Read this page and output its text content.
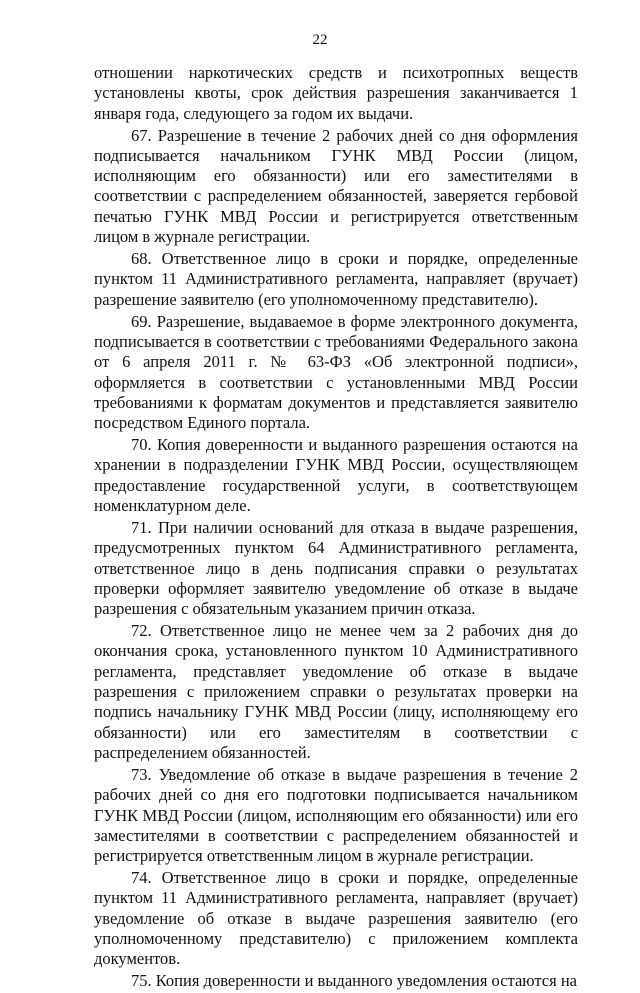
22

отношении наркотических средств и психотропных веществ установлены квоты, срок действия разрешения заканчивается 1 января года, следующего за годом их выдачи.

67. Разрешение в течение 2 рабочих дней со дня оформления подписывается начальником ГУНК МВД России (лицом, исполняющим его обязанности) или его заместителями в соответствии с распределением обязанностей, заверяется гербовой печатью ГУНК МВД России и регистрируется ответственным лицом в журнале регистрации.

68. Ответственное лицо в сроки и порядке, определенные пунктом 11 Административного регламента, направляет (вручает) разрешение заявителю (его уполномоченному представителю).

69. Разрешение, выдаваемое в форме электронного документа, подписывается в соответствии с требованиями Федерального закона от 6 апреля 2011 г. № 63-ФЗ «Об электронной подписи», оформляется в соответствии с установленными МВД России требованиями к форматам документов и представляется заявителю посредством Единого портала.

70. Копия доверенности и выданного разрешения остаются на хранении в подразделении ГУНК МВД России, осуществляющем предоставление государственной услуги, в соответствующем номенклатурном деле.

71. При наличии оснований для отказа в выдаче разрешения, предусмотренных пунктом 64 Административного регламента, ответственное лицо в день подписания справки о результатах проверки оформляет заявителю уведомление об отказе в выдаче разрешения с обязательным указанием причин отказа.

72. Ответственное лицо не менее чем за 2 рабочих дня до окончания срока, установленного пунктом 10 Административного регламента, представляет уведомление об отказе в выдаче разрешения с приложением справки о результатах проверки на подпись начальнику ГУНК МВД России (лицу, исполняющему его обязанности) или его заместителям в соответствии с распределением обязанностей.

73. Уведомление об отказе в выдаче разрешения в течение 2 рабочих дней со дня его подготовки подписывается начальником ГУНК МВД России (лицом, исполняющим его обязанности) или его заместителями в соответствии с распределением обязанностей и регистрируется ответственным лицом в журнале регистрации.

74. Ответственное лицо в сроки и порядке, определенные пунктом 11 Административного регламента, направляет (вручает) уведомление об отказе в выдаче разрешения заявителю (его уполномоченному представителю) с приложением комплекта документов.

75. Копия доверенности и выданного уведомления остаются на
